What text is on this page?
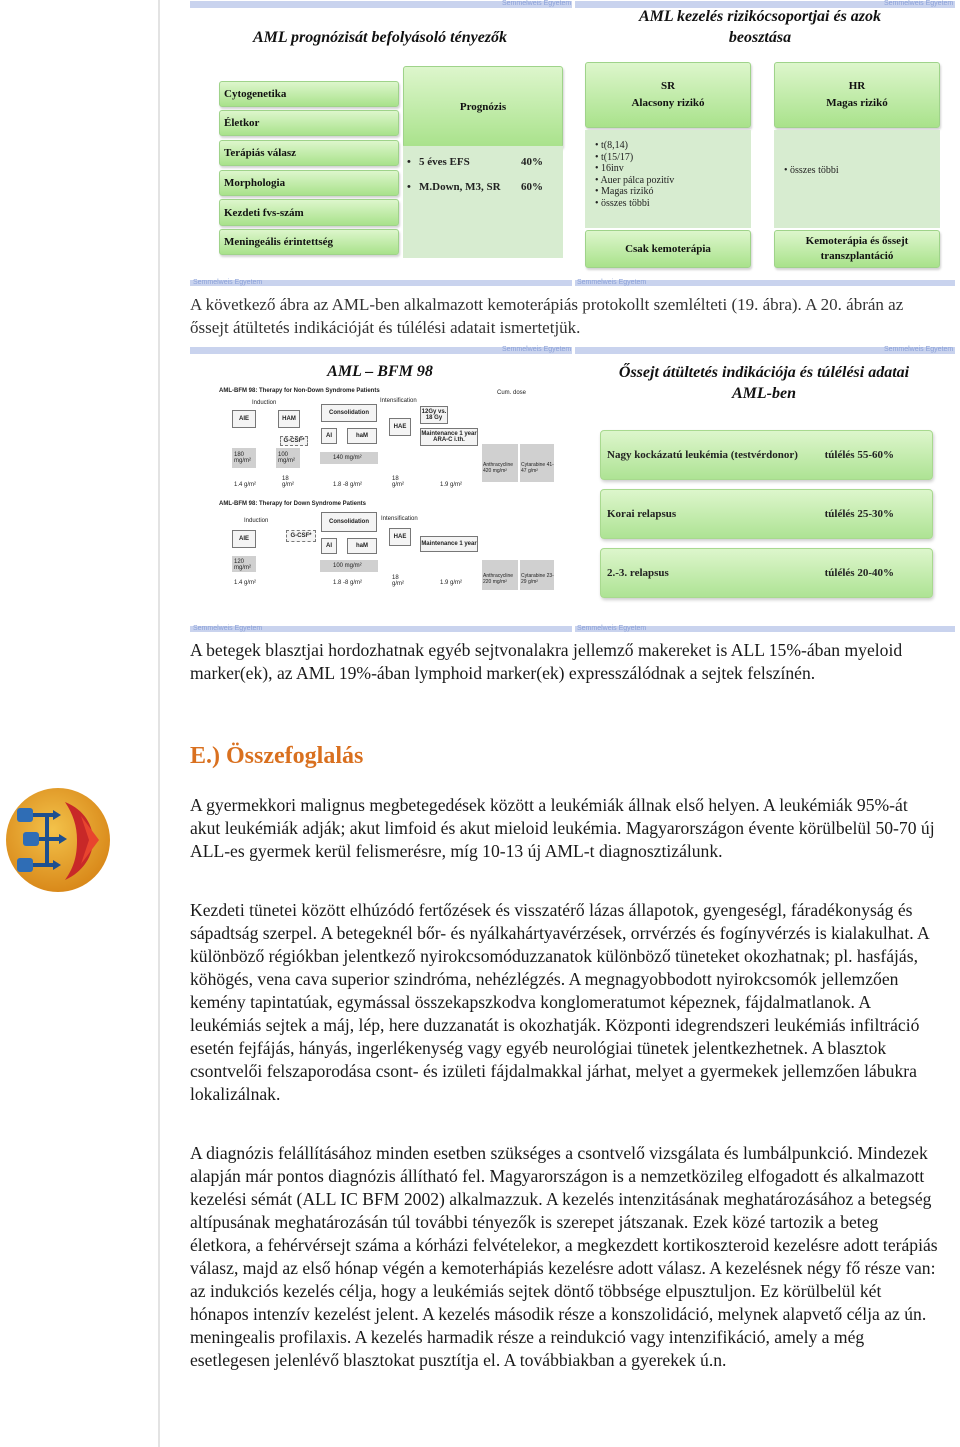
Semmelweis Egyetem
AML prognózisát befolyásoló tényezők
Cytogenetika
Életkor
Terápiás válasz
Morphologia
Kezdeti fvs-szám
Meningeális érintettség
Prognózis
• 5 éves EFS	40%
• M.Down, M3, SR	60%
Semmelweis Egyetem
AML kezelés rizikócsoportjai és azok beosztása
SR
Alacsony rizikó
HR
Magas rizikó
• t(8,14)
• t(15/17)
• 16inv
• Auer pálca pozitív
• Magas rizikó
• összes többi
• összes többi
Csak kemoterápia
Kemoterápia és őssejt
transzplantáció
Semmelweis Egyetem	Semmelweis Egyetem
A következő ábra az AML-ben alkalmazott kemoterápiás protokollt szemlélteti (19. ábra). A 20. ábrán az őssejt átültetés indikációját és túlélési adatait ismertetjük.
Semmelweis Egyetem
AML – BFM 98
AML-BFM 98: Therapy for Non-Down Syndrome Patients	Cum. dose
Induction	Intensification
AIE	HAM
Consolidation
AI	haM
HAE
12Gy vs. 18 Gy
Maintenance 1 year ARA-C i.th.
G-CSF*
180 mg/m²
100 mg/m²	140 mg/m²
Anthracycline 420 mg/m²
Cytarabine 41-47 g/m²
1.4 g/m²
18 g/m²	1.8 -8 g/m²
18 g/m²	1.9 g/m²
AML-BFM 98: Therapy for Down Syndrome Patients
Induction	Intensification
AIE	G-CSF*
Consolidation
AI	haM
HAE
Maintenance 1 year
120 mg/m²	100 mg/m²
Anthracycline 220 mg/m²
Cytarabine 23-29 g/m²
1.4 g/m²	1.8 -8 g/m²
18 g/m²	1.9 g/m²
Semmelweis Egyetem
Őssejt átültetés indikációja és túlélési adatai AML-ben
Nagy kockázatú leukémia (testvérdonor) túlélés 55-60%
Korai relapsus	túlélés 25-30%
2.-3. relapsus	túlélés 20-40%
Semmelweis Egyetem	Semmelweis Egyetem
A betegek blasztjai hordozhatnak egyéb sejtvonalakra jellemző makereket is ALL 15%-ában myeloid marker(ek), az AML 19%-ában lymphoid marker(ek) expresszálódnak a sejtek felszínén.
E.) Összefoglalás
A gyermekkori malignus megbetegedések között a leukémiák állnak első helyen. A leukémiák 95%-át akut leukémiák adják; akut limfoid és akut mieloid leukémia. Magyarországon évente körülbelül 50-70 új ALL-es gyermek kerül felismerésre, míg 10-13 új AML-t diagnosztizálunk.
Kezdeti tünetei között elhúzódó fertőzések és visszatérő lázas állapotok, gyengeségl, fáradékonyság és sápadtság szerpel. A betegeknél bőr- és nyálkahártyavérzések, orrvérzés és fogínyvérzés is kialakulhat. A különböző régiókban jelentkező nyirokcsomóduzzanatok különböző tüneteket okozhatnak; pl. hasfájás, köhögés, vena cava superior szindróma, nehézlégzés. A megnagyobbodott nyirokcsomók jellemzően kemény tapintatúak, egymással összekapszkodva konglomeratumot képeznek, fájdalmatlanok. A leukémiás sejtek a máj, lép, here duzzanatát is okozhatják. Központi idegrendszeri leukémiás infiltráció esetén fejfájás, hányás, ingerlékenység vagy egyéb neurológiai tünetek jelentkezhetnek. A blasztok csontvelői felszaporodása csont- és izületi fájdalmakkal járhat, melyet a gyermekek jellemzően lábukra lokalizálnak.
A diagnózis felállításához minden esetben szükséges a csontvelő vizsgálata és lumbálpunkció. Mindezek alapján már pontos diagnózis állítható fel. Magyarországon is a nemzetközileg elfogadott és alkalmazott kezelési sémát (ALL IC BFM 2002) alkalmazzuk. A kezelés intenzitásának meghatározásához a betegség altípusának meghatározásán túl további tényezők is szerepet játszanak. Ezek közé tartozik a beteg életkora, a fehérvérsejt száma a kórházi felvételekor, a megkezdett kortikoszteroid kezelésre adott terápiás válasz, majd az első hónap végén a kemoterhápiás kezelésre adott válasz. A kezelésnek négy fő része van: az indukciós kezelés célja, hogy a leukémiás sejtek döntő többsége elpusztuljon. Ez körülbelül két hónapos intenzív kezelést jelent. A kezelés második része a konszolidáció, melynek alapvető célja az ún. meningealis profilaxis. A kezelés harmadik része a reindukció vagy intenzifikáció, amely a még esetlegesen jelenlévő blasztokat pusztítja el. A továbbiakban a gyerekek ú.n.
